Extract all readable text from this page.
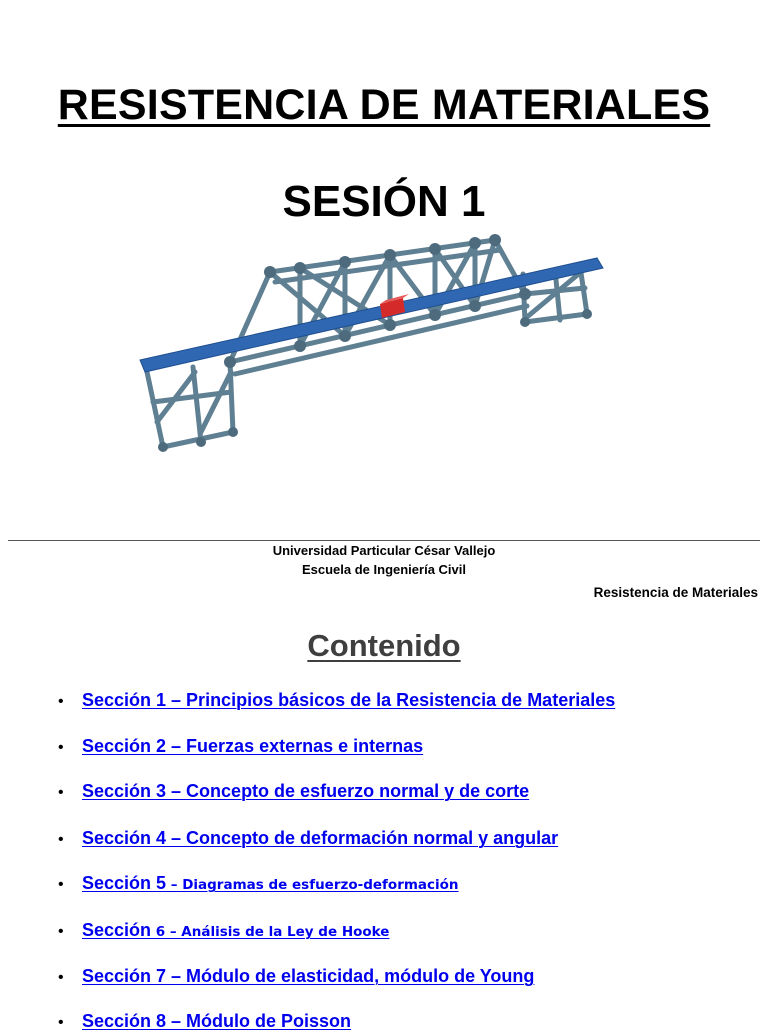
RESISTENCIA DE MATERIALES
SESIÓN 1
Universidad Particular César Vallejo
Escuela de Ingeniería Civil
Resistencia de Materiales
Contenido
• Sección 1 – Principios básicos de la Resistencia de Materiales
• Sección 2 – Fuerzas externas e internas
• Sección 3 – Concepto de esfuerzo normal y de corte
• Sección 4 – Concepto de deformación normal y angular
• Sección 5 – Diagramas de esfuerzo-deformación
• Sección 6 – Análisis de la Ley de Hooke
• Sección 7 – Módulo de elasticidad, módulo de Young
• Sección 8 – Módulo de Poisson
